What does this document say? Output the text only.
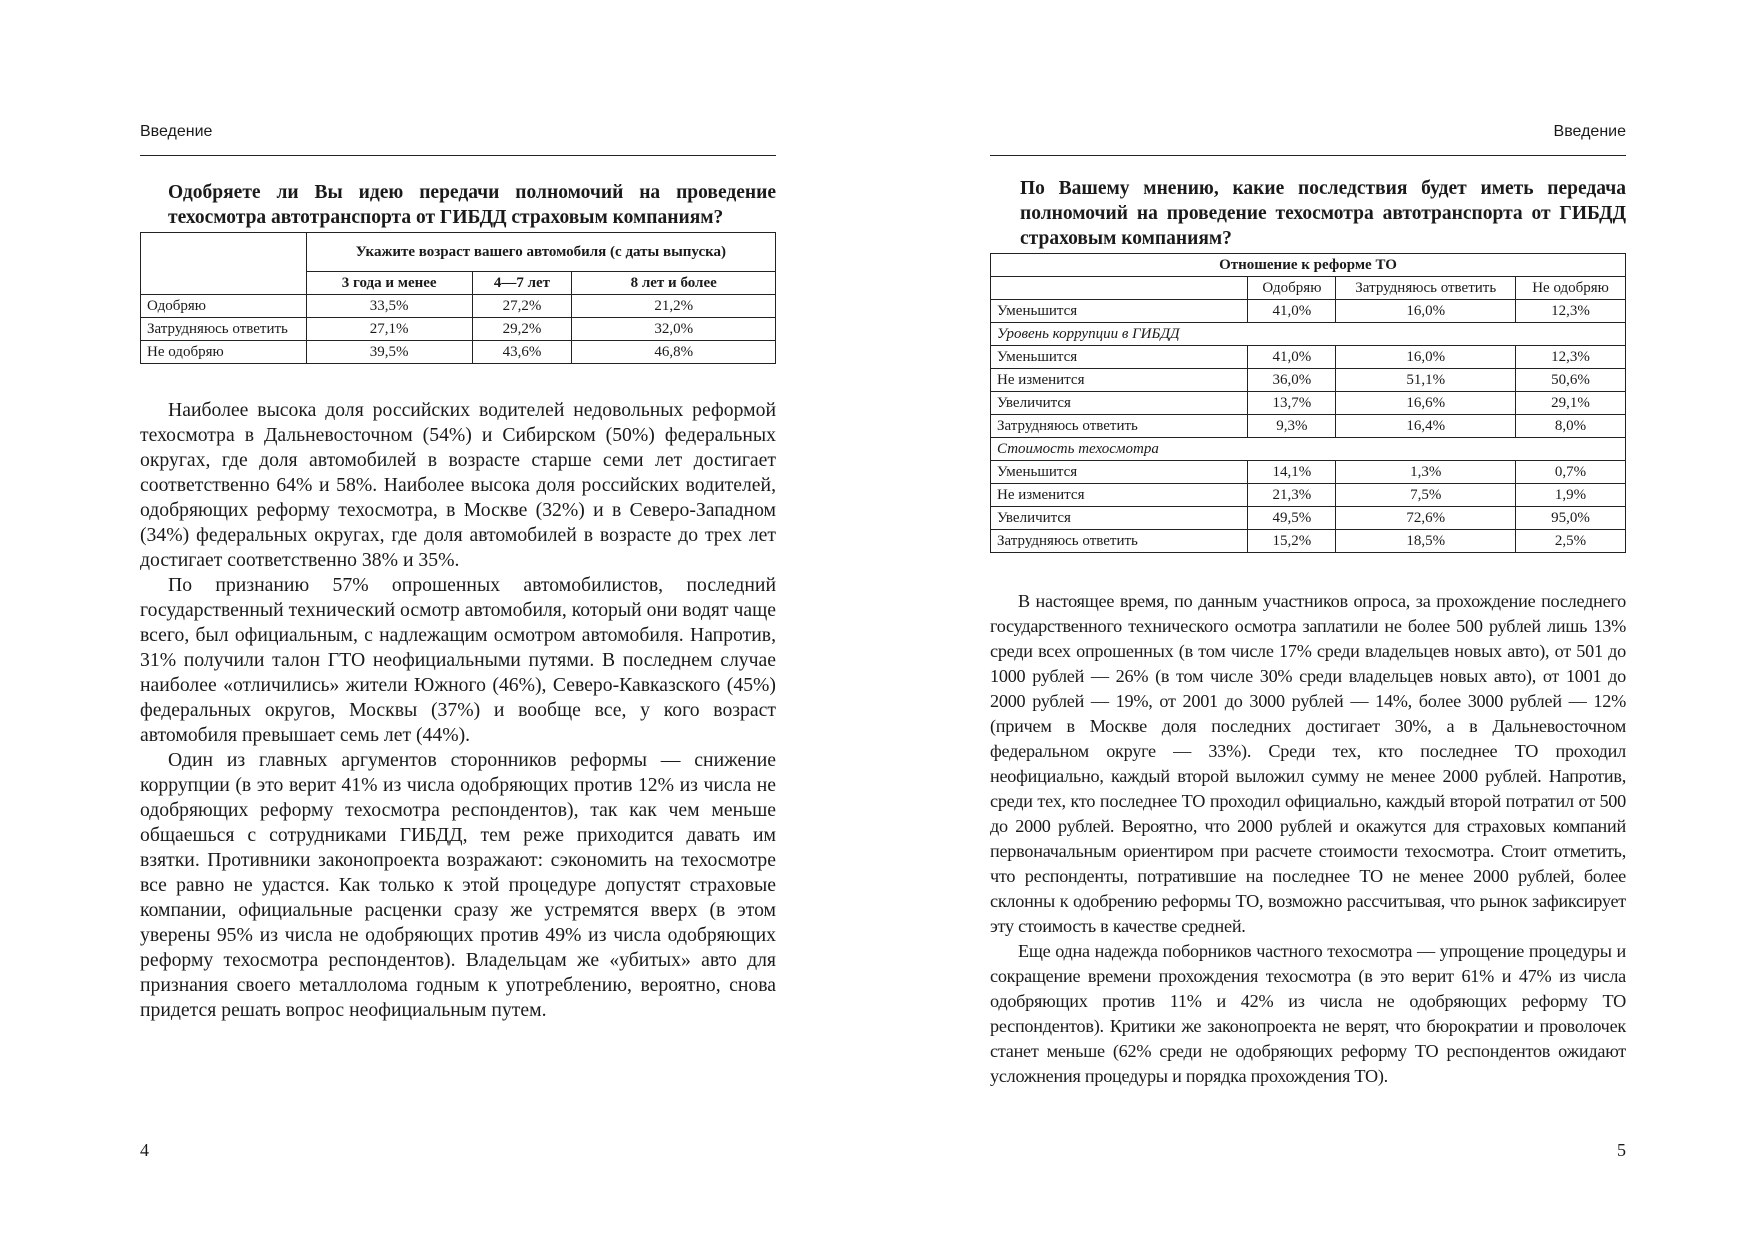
Введение
Одобряете ли Вы идею передачи полномочий на проведение техосмотра автотранспорта от ГИБДД страховым компаниям?
	Укажите возраст вашего автомобиля (с даты выпуска)		
	3 года и менее	4—7 лет	8 лет и более
Одобряю	33,5%	27,2%	21,2%
Затрудняюсь ответить	27,1%	29,2%	32,0%
Не одобряю	39,5%	43,6%	46,8%

Наиболее высока доля российских водителей недовольных реформой техосмотра в Дальневосточном (54%) и Сибирском (50%) федеральных округах, где доля автомобилей в возрасте старше семи лет достигает соответственно 64% и 58%. Наиболее высока доля российских водителей, одобряющих реформу техосмотра, в Москве (32%) и в Северо-Западном (34%) федеральных округах, где доля автомобилей в возрасте до трех лет достигает соответственно 38% и 35%.

По признанию 57% опрошенных автомобилистов, последний государственный технический осмотр автомобиля, который они водят чаще всего, был официальным, с надлежащим осмотром автомобиля. Напротив, 31% получили талон ГТО неофициальными путями. В последнем случае наиболее «отличились» жители Южного (46%), Северо-Кавказского (45%) федеральных округов, Москвы (37%) и вообще все, у кого возраст автомобиля превышает семь лет (44%).

Один из главных аргументов сторонников реформы — снижение коррупции (в это верит 41% из числа одобряющих против 12% из числа не одобряющих реформу техосмотра респондентов), так как чем меньше общаешься с сотрудниками ГИБДД, тем реже приходится давать им взятки. Противники законопроекта возражают: сэкономить на техосмотре все равно не удастся. Как только к этой процедуре допустят страховые компании, официальные расценки сразу же устремятся вверх (в этом уверены 95% из числа не одобряющих против 49% из числа одобряющих реформу техосмотра респондентов). Владельцам же «убитых» авто для признания своего металлолома годным к употреблению, вероятно, снова придется решать вопрос неофициальным путем.

4
Введение
По Вашему мнению, какие последствия будет иметь передача полномочий на проведение техосмотра автотранспорта от ГИБДД страховым компаниям?
Отношение к реформе ТО			
	Одобряю	Затрудняюсь ответить	Не одобряю
Уменьшится	41,0%	16,0%	12,3%
Уровень коррупции в ГИБДД			
Уменьшится	41,0%	16,0%	12,3%
Не изменится	36,0%	51,1%	50,6%
Увеличится	13,7%	16,6%	29,1%
Затрудняюсь ответить	9,3%	16,4%	8,0%
Стоимость техосмотра			
Уменьшится	14,1%	1,3%	0,7%
Не изменится	21,3%	7,5%	1,9%
Увеличится	49,5%	72,6%	95,0%
Затрудняюсь ответить	15,2%	18,5%	2,5%

В настоящее время, по данным участников опроса, за прохождение последнего государственного технического осмотра заплатили не более 500 рублей лишь 13% среди всех опрошенных (в том числе 17% среди владельцев новых авто), от 501 до 1000 рублей — 26% (в том числе 30% среди владельцев новых авто), от 1001 до 2000 рублей — 19%, от 2001 до 3000 рублей — 14%, более 3000 рублей — 12% (причем в Москве доля последних достигает 30%, а в Дальневосточном федеральном округе — 33%). Среди тех, кто последнее ТО проходил неофициально, каждый второй выложил сумму не менее 2000 рублей. Напротив, среди тех, кто последнее ТО проходил официально, каждый второй потратил от 500 до 2000 рублей. Вероятно, что 2000 рублей и окажутся для страховых компаний первоначальным ориентиром при расчете стоимости техосмотра. Стоит отметить, что респонденты, потратившие на последнее ТО не менее 2000 рублей, более склонны к одобрению реформы ТО, возможно рассчитывая, что рынок зафиксирует эту стоимость в качестве средней.

Еще одна надежда поборников частного техосмотра — упрощение процедуры и сокращение времени прохождения техосмотра (в это верит 61% и 47% из числа одобряющих против 11% и 42% из числа не одобряющих реформу ТО респондентов). Критики же законопроекта не верят, что бюрократии и проволочек станет меньше (62% среди не одобряющих реформу ТО респондентов ожидают усложнения процедуры и порядка прохождения ТО).

5
